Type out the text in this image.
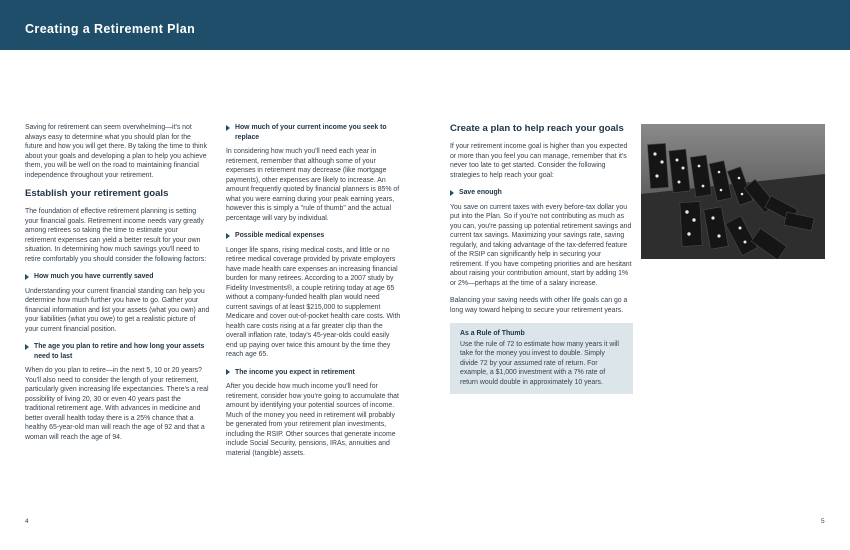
Creating a Retirement Plan

Saving for retirement can seem overwhelming—it's not always easy to determine what you should plan for the future and how you will get there. By taking the time to think about your goals and developing a plan to help you achieve them, you will be well on the road to maintaining financial independence throughout your retirement.

Establish your retirement goals

The foundation of effective retirement planning is setting your financial goals. Retirement income needs vary greatly among retirees so taking the time to estimate your retirement expenses can yield a better result for your own situation. In determining how much savings you'll need to retire comfortably you should consider the following factors:

How much you have currently saved

Understanding your current financial standing can help you determine how much further you have to go. Gather your financial information and list your assets (what you own) and your liabilities (what you owe) to get a realistic picture of your current financial position.

The age you plan to retire and how long your assets need to last

When do you plan to retire—in the next 5, 10 or 20 years? You'll also need to consider the length of your retirement, particularly given increasing life expectancies. There's a real possibility of living 20, 30 or even 40 years past the traditional retirement age. With advances in medicine and better overall health today there is a 25% chance that a healthy 65-year-old man will reach the age of 92 and that a woman will reach the age of 94.

How much of your current income you seek to replace

In considering how much you'll need each year in retirement, remember that although some of your expenses in retirement may decrease (like mortgage payments), other expenses are likely to increase. An amount frequently quoted by financial planners is 85% of what you were earning during your peak earning years, however this is simply a "rule of thumb" and the actual percentage will vary by individual.

Possible medical expenses

Longer life spans, rising medical costs, and little or no retiree medical coverage provided by private employers have made health care expenses an increasing financial burden for many retirees. According to a 2007 study by Fidelity Investments®, a couple retiring today at age 65 without a company-funded health plan would need current savings of at least $215,000 to supplement Medicare and cover out-of-pocket health care costs. With health care costs rising at a far greater clip than the overall inflation rate, today's 45-year-olds could easily end up paying over twice this amount by the time they reach age 65.

The income you expect in retirement

After you decide how much income you'll need for retirement, consider how you're going to accumulate that amount by identifying your potential sources of income. Much of the money you need in retirement will probably be generated from your retirement plan investments, including the RSIP. Other sources that generate income include Social Security, pensions, IRAs, annuities and material (tangible) assets.

Create a plan to help reach your goals

If your retirement income goal is higher than you expected or more than you feel you can manage, remember that it's never too late to get started. Consider the following strategies to help reach your goal:

Save enough

You save on current taxes with every before-tax dollar you put into the Plan. So if you're not contributing as much as you can, you're passing up potential retirement savings and current tax savings. Maximizing your savings rate, saving regularly, and taking advantage of the tax-deferred feature of the RSIP can significantly help in securing your retirement. If you have competing priorities and are hesitant about raising your contribution amount, start by adding 1% or 2%—perhaps at the time of a salary increase.

Balancing your saving needs with other life goals can go a long way toward helping to secure your retirement years.

As a Rule of Thumb
Use the rule of 72 to estimate how many years it will take for the money you invest to double. Simply divide 72 by your assumed rate of return. For example, a $1,000 investment with a 7% rate of return would double in approximately 10 years.
4	5
